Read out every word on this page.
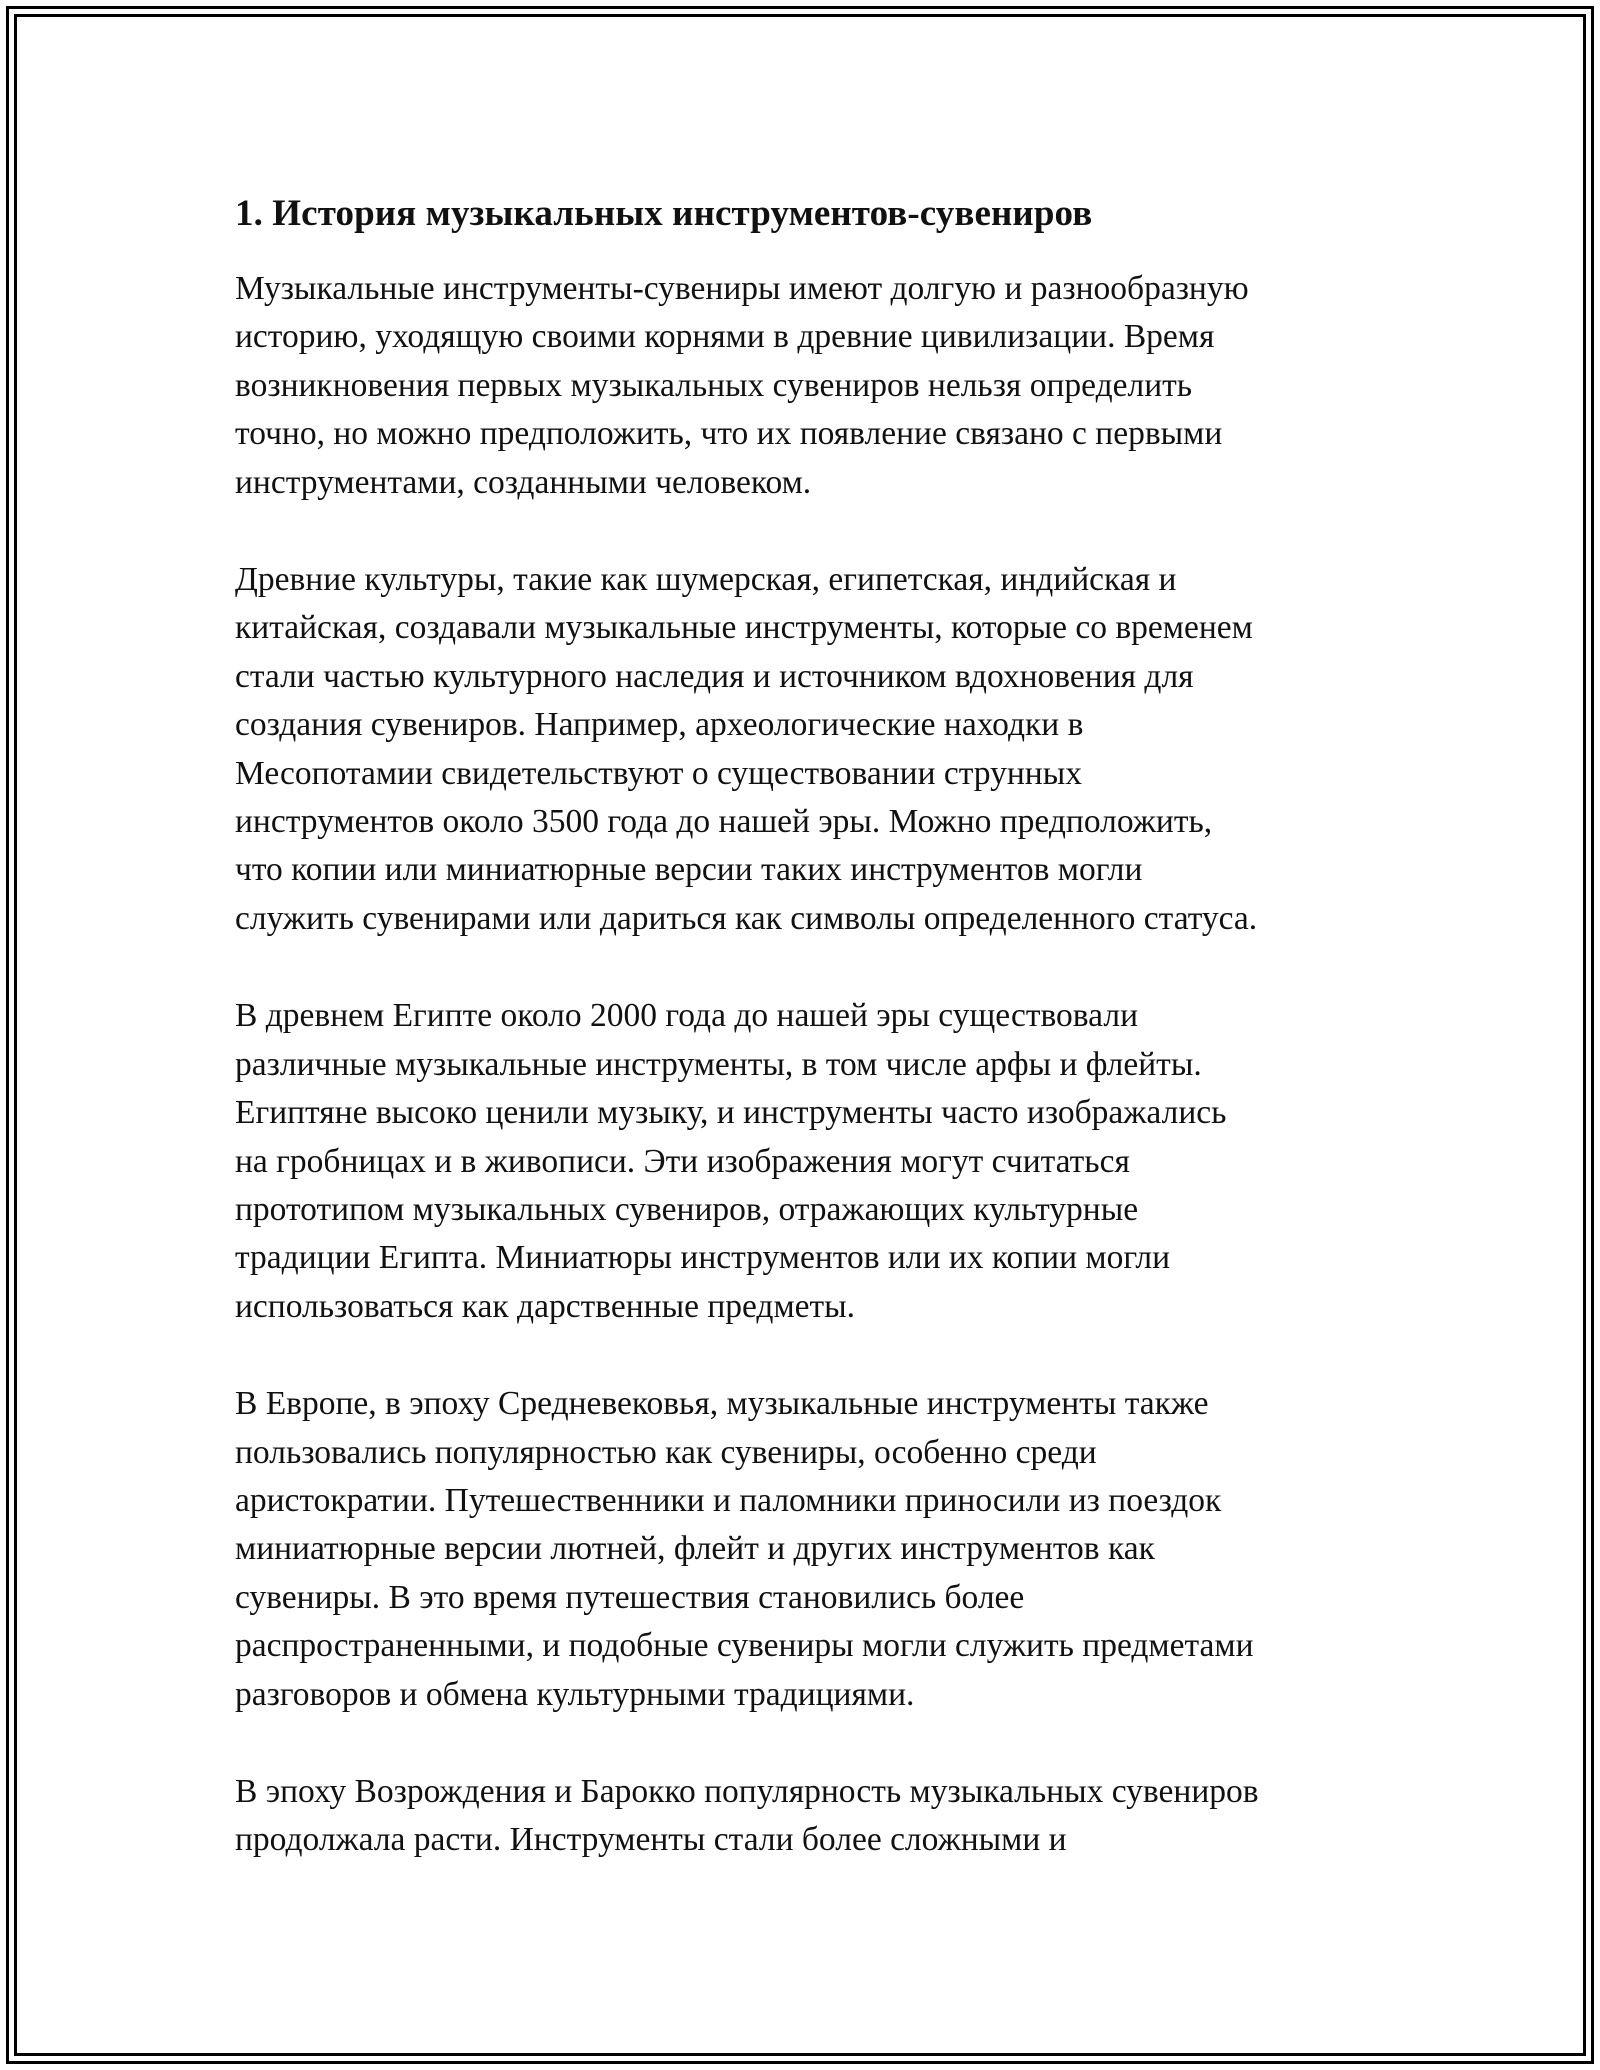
1. История музыкальных инструментов-сувениров

Музыкальные инструменты-сувениры имеют долгую и разнообразную
историю, уходящую своими корнями в древние цивилизации. Время
возникновения первых музыкальных сувениров нельзя определить
точно, но можно предположить, что их появление связано с первыми
инструментами, созданными человеком.

Древние культуры, такие как шумерская, египетская, индийская и
китайская, создавали музыкальные инструменты, которые со временем
стали частью культурного наследия и источником вдохновения для
создания сувениров. Например, археологические находки в
Месопотамии свидетельствуют о существовании струнных
инструментов около 3500 года до нашей эры. Можно предположить,
что копии или миниатюрные версии таких инструментов могли
служить сувенирами или дариться как символы определенного статуса.

В древнем Египте около 2000 года до нашей эры существовали
различные музыкальные инструменты, в том числе арфы и флейты.
Египтяне высоко ценили музыку, и инструменты часто изображались
на гробницах и в живописи. Эти изображения могут считаться
прототипом музыкальных сувениров, отражающих культурные
традиции Египта. Миниатюры инструментов или их копии могли
использоваться как дарственные предметы.

В Европе, в эпоху Средневековья, музыкальные инструменты также
пользовались популярностью как сувениры, особенно среди
аристократии. Путешественники и паломники приносили из поездок
миниатюрные версии лютней, флейт и других инструментов как
сувениры. В это время путешествия становились более
распространенными, и подобные сувениры могли служить предметами
разговоров и обмена культурными традициями.

В эпоху Возрождения и Барокко популярность музыкальных сувениров
продолжала расти. Инструменты стали более сложными и
